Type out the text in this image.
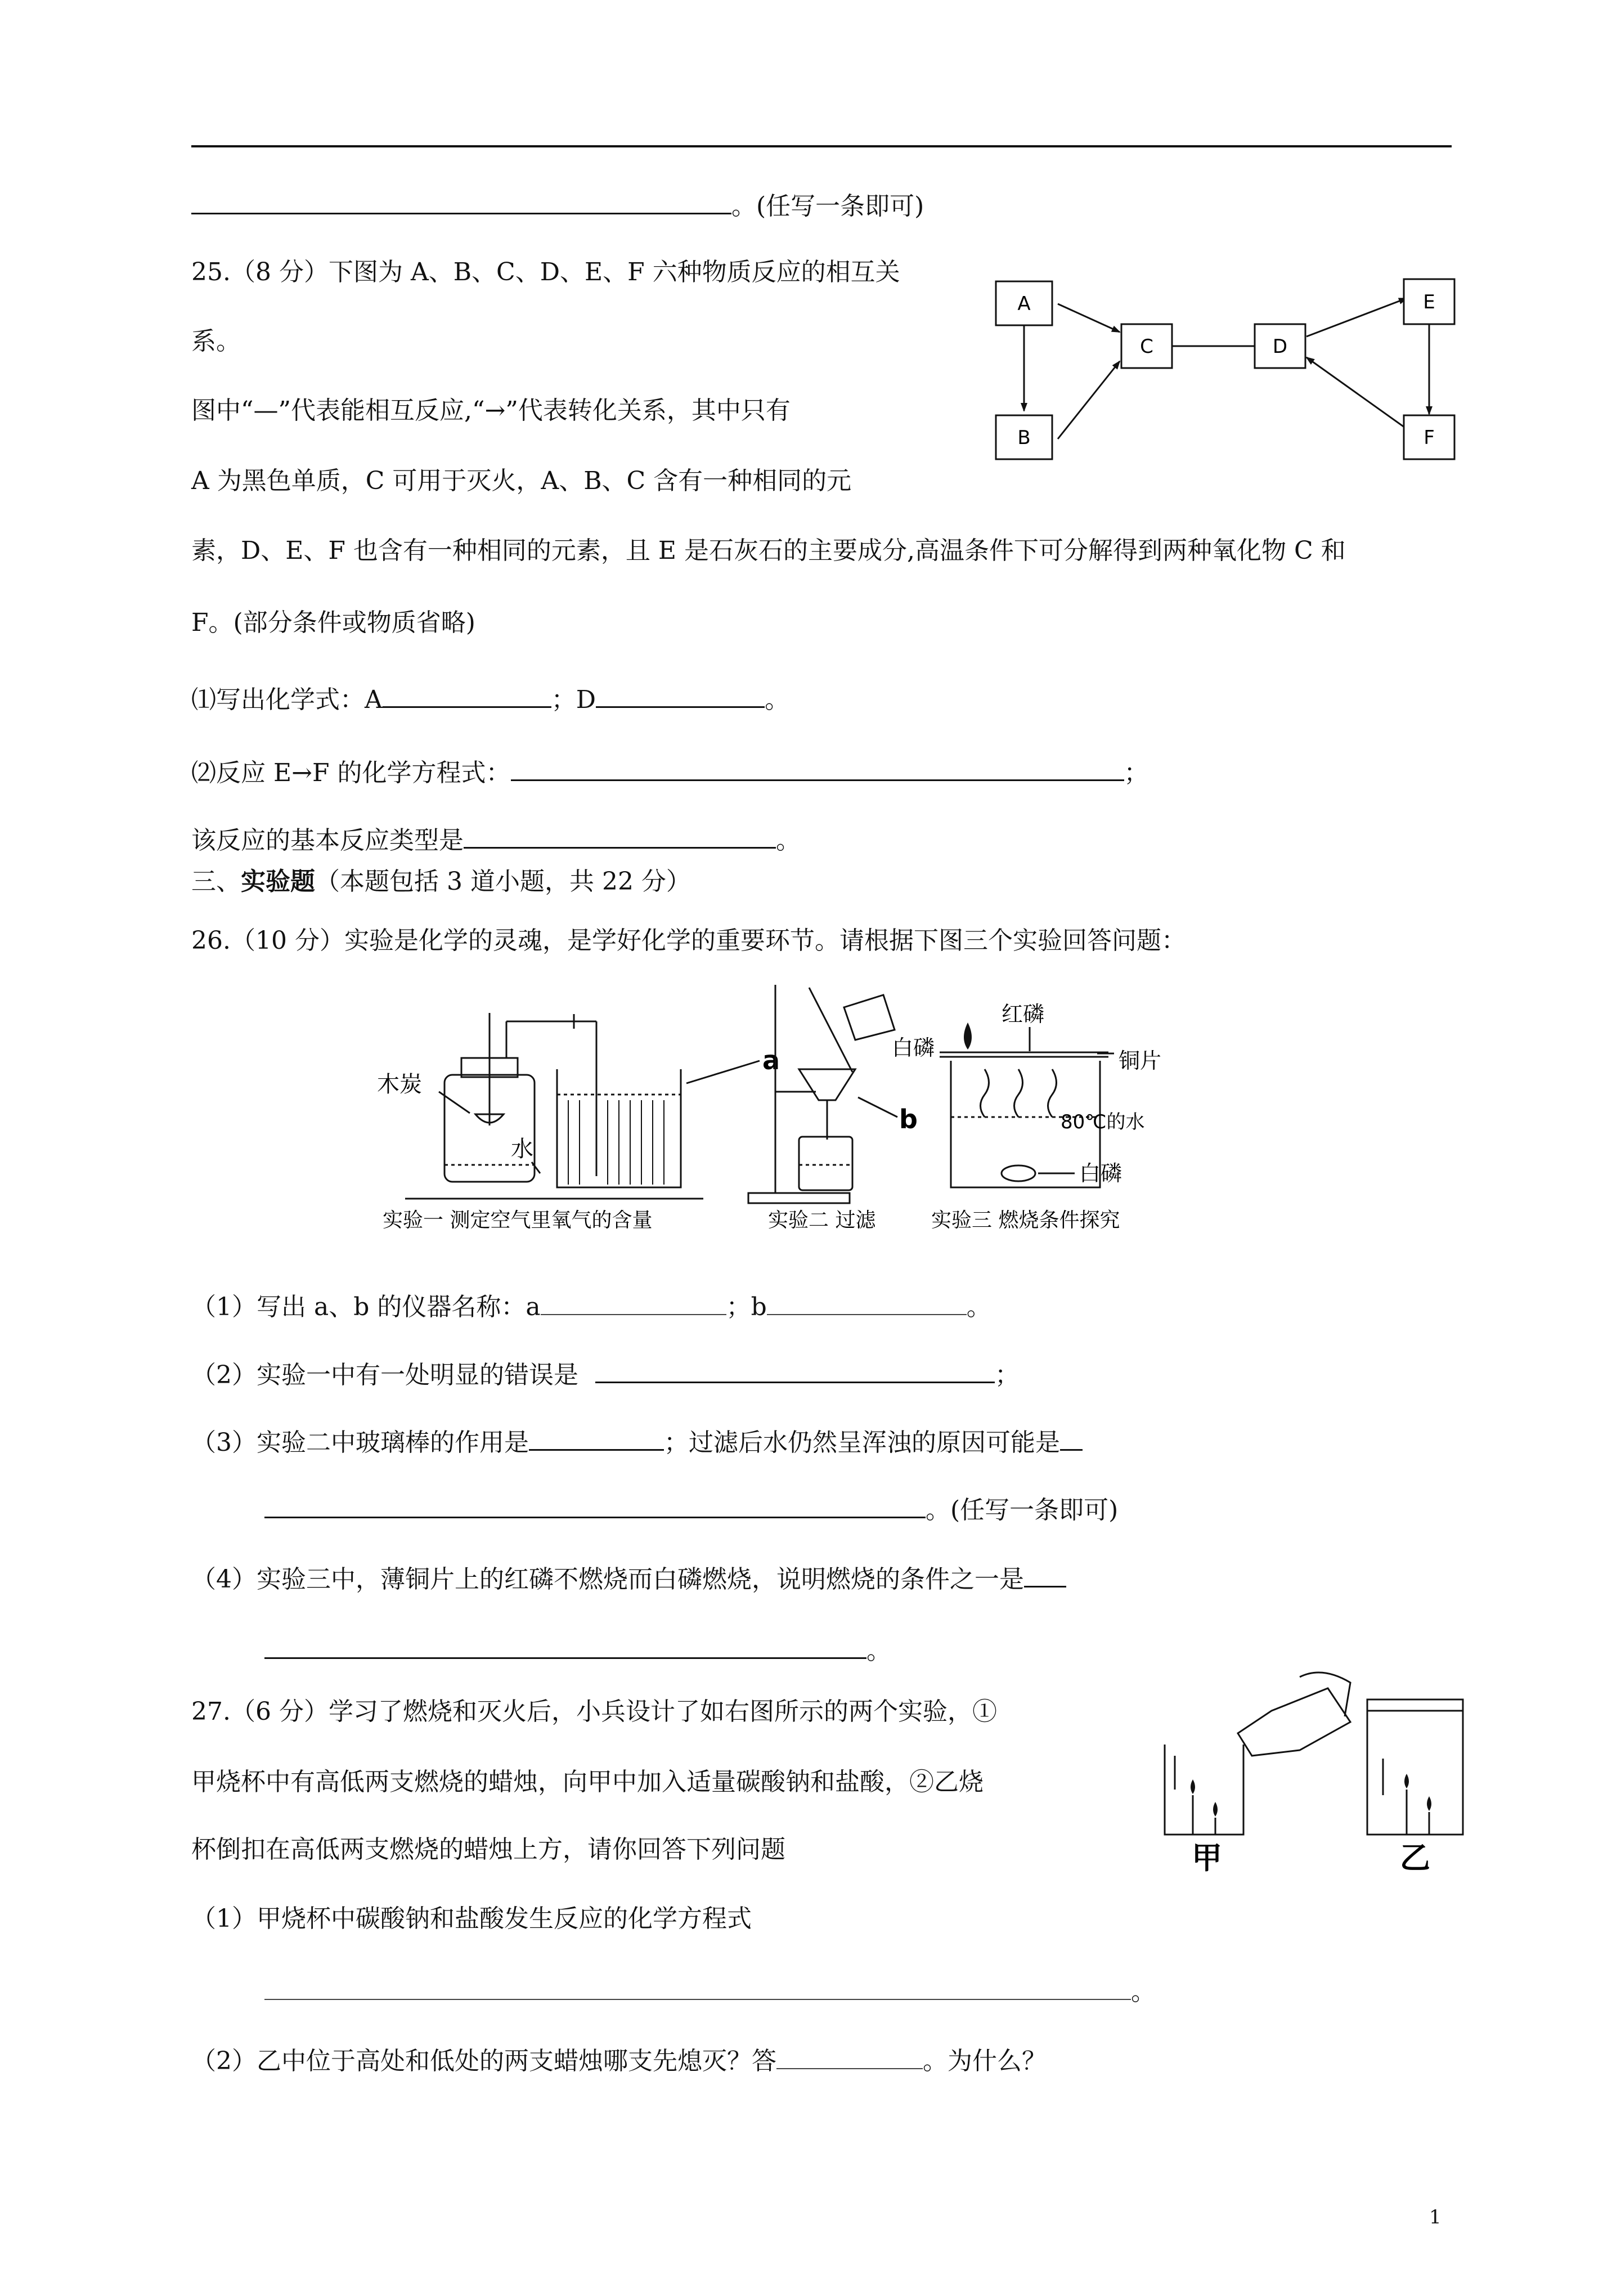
。(任写一条即可)
25.（8 分）下图为 A、B、C、D、E、F 六种物质反应的相互关
系。
图中“—”代表能相互反应,“→”代表转化关系，其中只有
A 为黑色单质，C 可用于灭火，A、B、C 含有一种相同的元
素，D、E、F 也含有一种相同的元素，且 E 是石灰石的主要成分,高温条件下可分解得到两种氧化物 C 和
F。(部分条件或物质省略)
A
B
C	D
E
F
⑴写出化学式：A	；D	。
⑵反应 E→F 的化学方程式：	；
该反应的基本反应类型是	。
三、实验题（本题包括 3 道小题，共 22 分）
26.（10 分）实验是化学的灵魂，是学好化学的重要环节。请根据下图三个实验回答问题：
木炭
水
a
实验一 测定空气里氧气的含量
b
实验二 过滤
红磷
白磷
铜片
80℃的水
白磷
实验三 燃烧条件探究
（1）写出 a、b 的仪器名称：a	；b	。
（2）实验一中有一处明显的错误是	；
（3）实验二中玻璃棒的作用是	；过滤后水仍然呈浑浊的原因可能是
。(任写一条即可)
（4）实验三中，薄铜片上的红磷不燃烧而白磷燃烧，说明燃烧的条件之一是
。
27.（6 分）学习了燃烧和灭火后，小兵设计了如右图所示的两个实验，①
甲烧杯中有高低两支燃烧的蜡烛，向甲中加入适量碳酸钠和盐酸，②乙烧
杯倒扣在高低两支燃烧的蜡烛上方，请你回答下列问题	甲	乙
（1）甲烧杯中碳酸钠和盐酸发生反应的化学方程式
。
（2）乙中位于高处和低处的两支蜡烛哪支先熄灭？答	。为什么？
1
